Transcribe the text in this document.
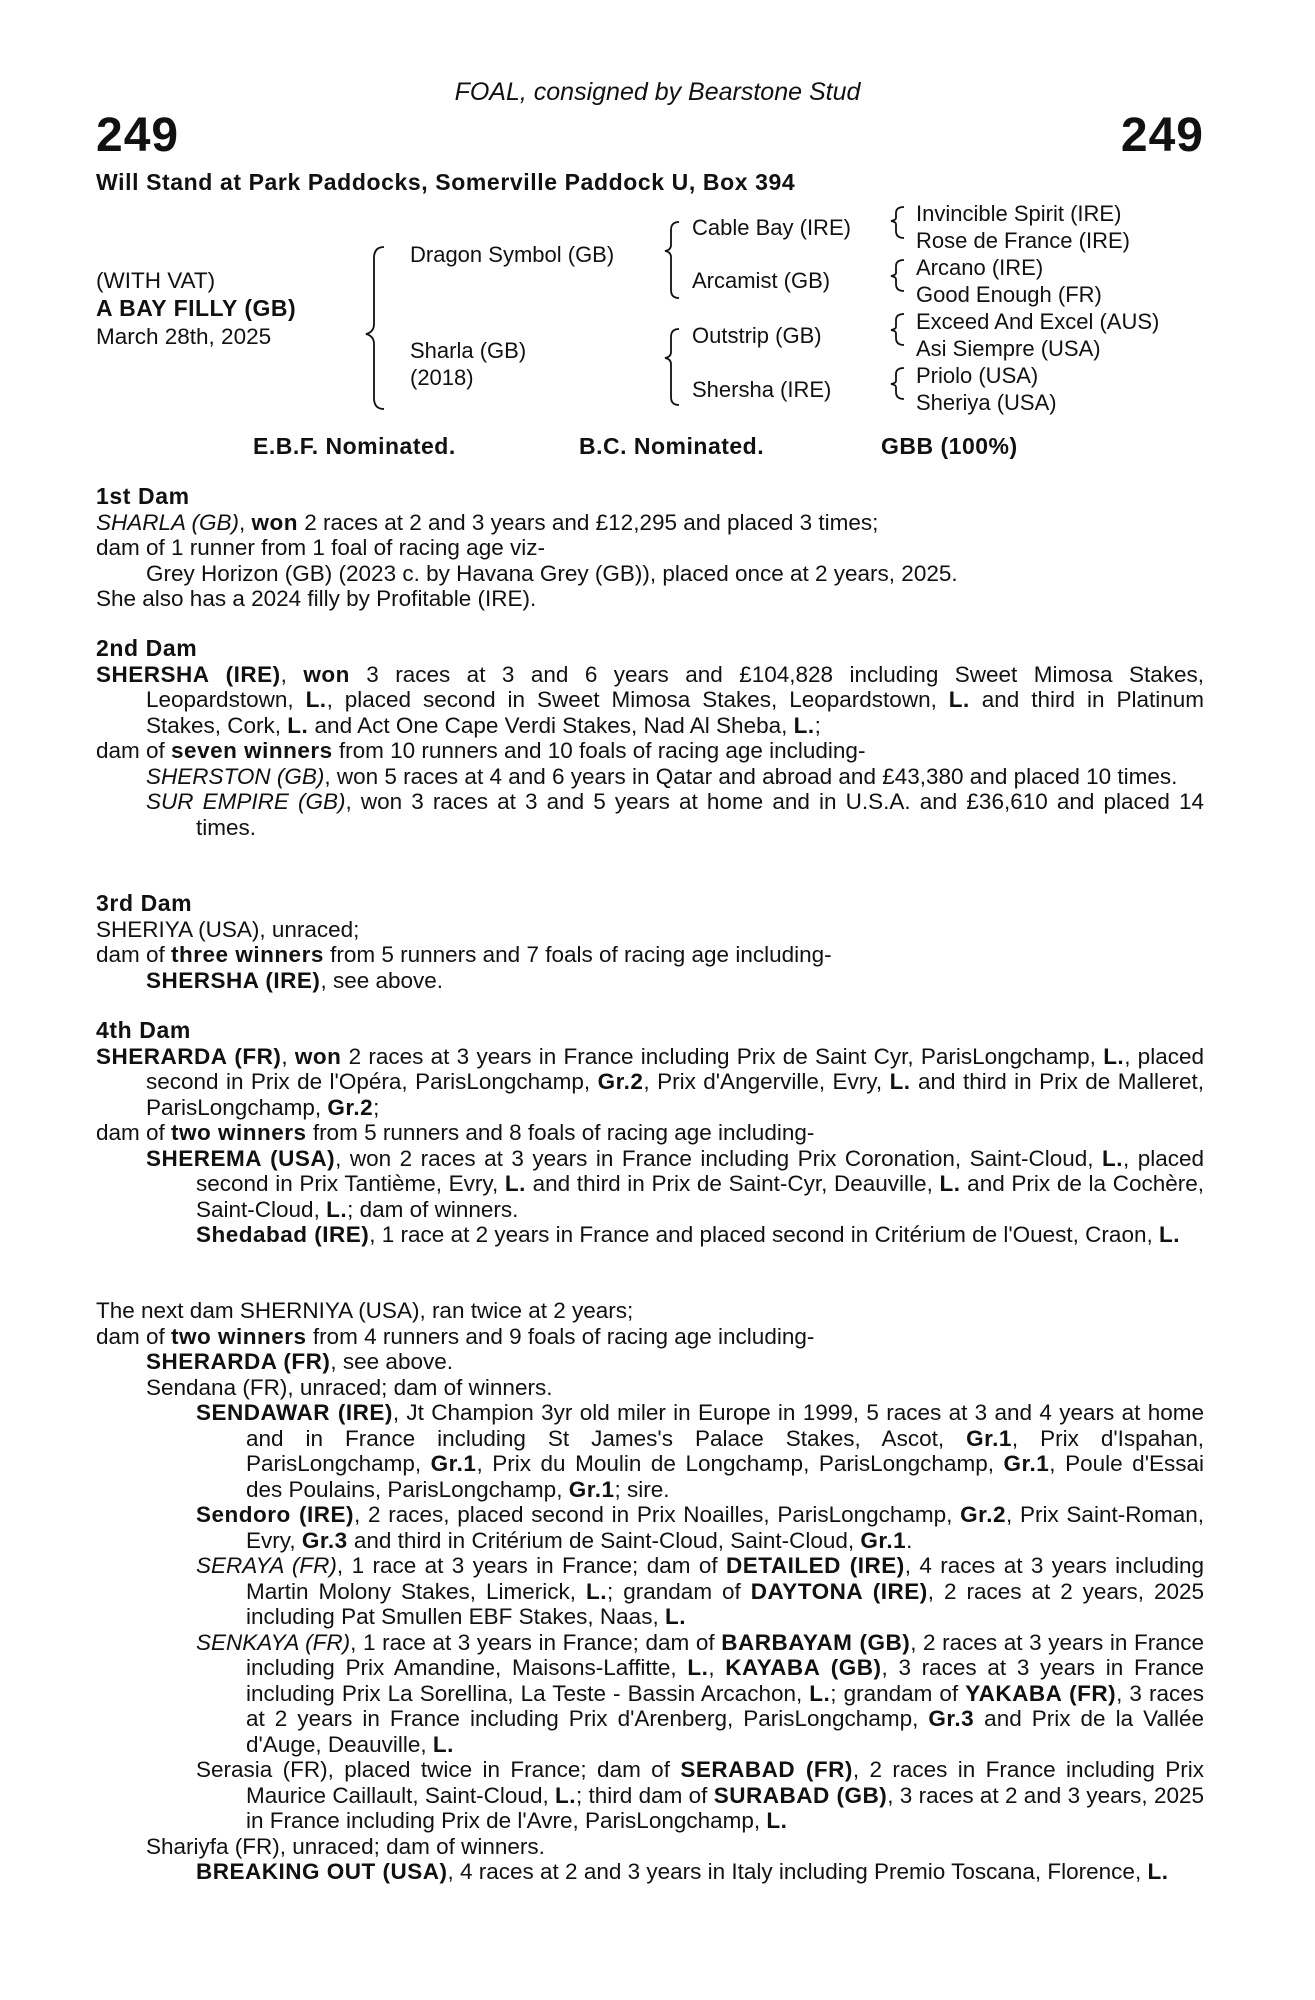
FOAL, consigned by Bearstone Stud
249	249
Will Stand at Park Paddocks, Somerville Paddock U, Box 394
(WITH VAT)
A BAY FILLY (GB)
March 28th, 2025
Dragon Symbol (GB)
Sharla (GB)
(2018)
Cable Bay (IRE)
Arcamist (GB)
Outstrip (GB)
Shersha (IRE)
Invincible Spirit (IRE)
Rose de France (IRE)
Arcano (IRE)
Good Enough (FR)
Exceed And Excel (AUS)
Asi Siempre (USA)
Priolo (USA)
Sheriya (USA)
E.B.F. Nominated.	B.C. Nominated.	GBB (100%)
1st Dam

SHARLA (GB), won 2 races at 2 and 3 years and £12,295 and placed 3 times;

dam of 1 runner from 1 foal of racing age viz-

Grey Horizon (GB) (2023 c. by Havana Grey (GB)), placed once at 2 years, 2025.

She also has a 2024 filly by Profitable (IRE).

2nd Dam

SHERSHA (IRE), won 3 races at 3 and 6 years and £104,828 including Sweet Mimosa Stakes, Leopardstown, L., placed second in Sweet Mimosa Stakes, Leopardstown, L. and third in Platinum Stakes, Cork, L. and Act One Cape Verdi Stakes, Nad Al Sheba, L.;

dam of seven winners from 10 runners and 10 foals of racing age including-

SHERSTON (GB), won 5 races at 4 and 6 years in Qatar and abroad and £43,380 and placed 10 times.

SUR EMPIRE (GB), won 3 races at 3 and 5 years at home and in U.S.A. and £36,610 and placed 14 times.

3rd Dam

SHERIYA (USA), unraced;

dam of three winners from 5 runners and 7 foals of racing age including-

SHERSHA (IRE), see above.

4th Dam

SHERARDA (FR), won 2 races at 3 years in France including Prix de Saint Cyr, ParisLongchamp, L., placed second in Prix de l'Opéra, ParisLongchamp, Gr.2, Prix d'Angerville, Evry, L. and third in Prix de Malleret, ParisLongchamp, Gr.2;

dam of two winners from 5 runners and 8 foals of racing age including-

SHEREMA (USA), won 2 races at 3 years in France including Prix Coronation, Saint-Cloud, L., placed second in Prix Tantième, Evry, L. and third in Prix de Saint-Cyr, Deauville, L. and Prix de la Cochère, Saint-Cloud, L.; dam of winners.

Shedabad (IRE), 1 race at 2 years in France and placed second in Critérium de l'Ouest, Craon, L.

The next dam SHERNIYA (USA), ran twice at 2 years;

dam of two winners from 4 runners and 9 foals of racing age including-

SHERARDA (FR), see above.

Sendana (FR), unraced; dam of winners.

SENDAWAR (IRE), Jt Champion 3yr old miler in Europe in 1999, 5 races at 3 and 4 years at home and in France including St James's Palace Stakes, Ascot, Gr.1, Prix d'Ispahan, ParisLongchamp, Gr.1, Prix du Moulin de Longchamp, ParisLongchamp, Gr.1, Poule d'Essai des Poulains, ParisLongchamp, Gr.1; sire.

Sendoro (IRE), 2 races, placed second in Prix Noailles, ParisLongchamp, Gr.2, Prix Saint-Roman, Evry, Gr.3 and third in Critérium de Saint-Cloud, Saint-Cloud, Gr.1.

SERAYA (FR), 1 race at 3 years in France; dam of DETAILED (IRE), 4 races at 3 years including Martin Molony Stakes, Limerick, L.; grandam of DAYTONA (IRE), 2 races at 2 years, 2025 including Pat Smullen EBF Stakes, Naas, L.

SENKAYA (FR), 1 race at 3 years in France; dam of BARBAYAM (GB), 2 races at 3 years in France including Prix Amandine, Maisons-Laffitte, L., KAYABA (GB), 3 races at 3 years in France including Prix La Sorellina, La Teste - Bassin Arcachon, L.; grandam of YAKABA (FR), 3 races at 2 years in France including Prix d'Arenberg, ParisLongchamp, Gr.3 and Prix de la Vallée d'Auge, Deauville, L.

Serasia (FR), placed twice in France; dam of SERABAD (FR), 2 races in France including Prix Maurice Caillault, Saint-Cloud, L.; third dam of SURABAD (GB), 3 races at 2 and 3 years, 2025 in France including Prix de l'Avre, ParisLongchamp, L.

Shariyfa (FR), unraced; dam of winners.

BREAKING OUT (USA), 4 races at 2 and 3 years in Italy including Premio Toscana, Florence, L.
